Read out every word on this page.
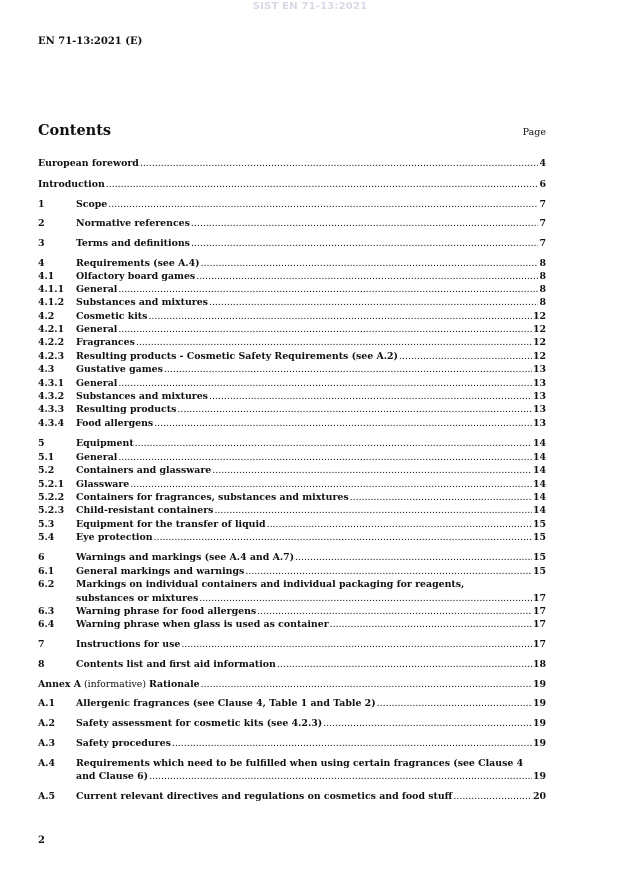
SIST EN 71-13:2021
EN 71-13:2021 (E)
Contents	Page
European foreword .....	4
Introduction .....	6
1	Scope .....	7
2	Normative references .....	7
3	Terms and definitions .....	7
4	Requirements (see A.4) .....	8
4.1	Olfactory board games .....	8
4.1.1	General .....	8
4.1.2	Substances and mixtures .....	8
4.2	Cosmetic kits .....	12
4.2.1	General .....	12
4.2.2	Fragrances .....	12
4.2.3	Resulting products - Cosmetic Safety Requirements (see A.2) .....	12
4.3	Gustative games .....	13
4.3.1	General .....	13
4.3.2	Substances and mixtures .....	13
4.3.3	Resulting products .....	13
4.3.4	Food allergens .....	13
5	Equipment .....	14
5.1	General .....	14
5.2	Containers and glassware .....	14
5.2.1	Glassware .....	14
5.2.2	Containers for fragrances, substances and mixtures .....	14
5.2.3	Child-resistant containers .....	14
5.3	Equipment for the transfer of liquid .....	15
5.4	Eye protection .....	15
6	Warnings and markings (see A.4 and A.7) .....	15
6.1	General markings and warnings .....	15
6.2	Markings on individual containers and individual packaging for reagents,
substances or mixtures .....	17
6.3	Warning phrase for food allergens .....	17
6.4	Warning phrase when glass is used as container .....	17
7	Instructions for use .....	17
8	Contents list and first aid information .....	18
Annex A (informative) Rationale .....	19
A.1	Allergenic fragrances (see Clause 4, Table 1 and Table 2) .....	19
A.2	Safety assessment for cosmetic kits (see 4.2.3) .....	19
A.3	Safety procedures .....	19
A.4	Requirements which need to be fulfilled when using certain fragrances (see Clause 4
and Clause 6) .....	19
A.5	Current relevant directives and regulations on cosmetics and food stuff .....	20
2
